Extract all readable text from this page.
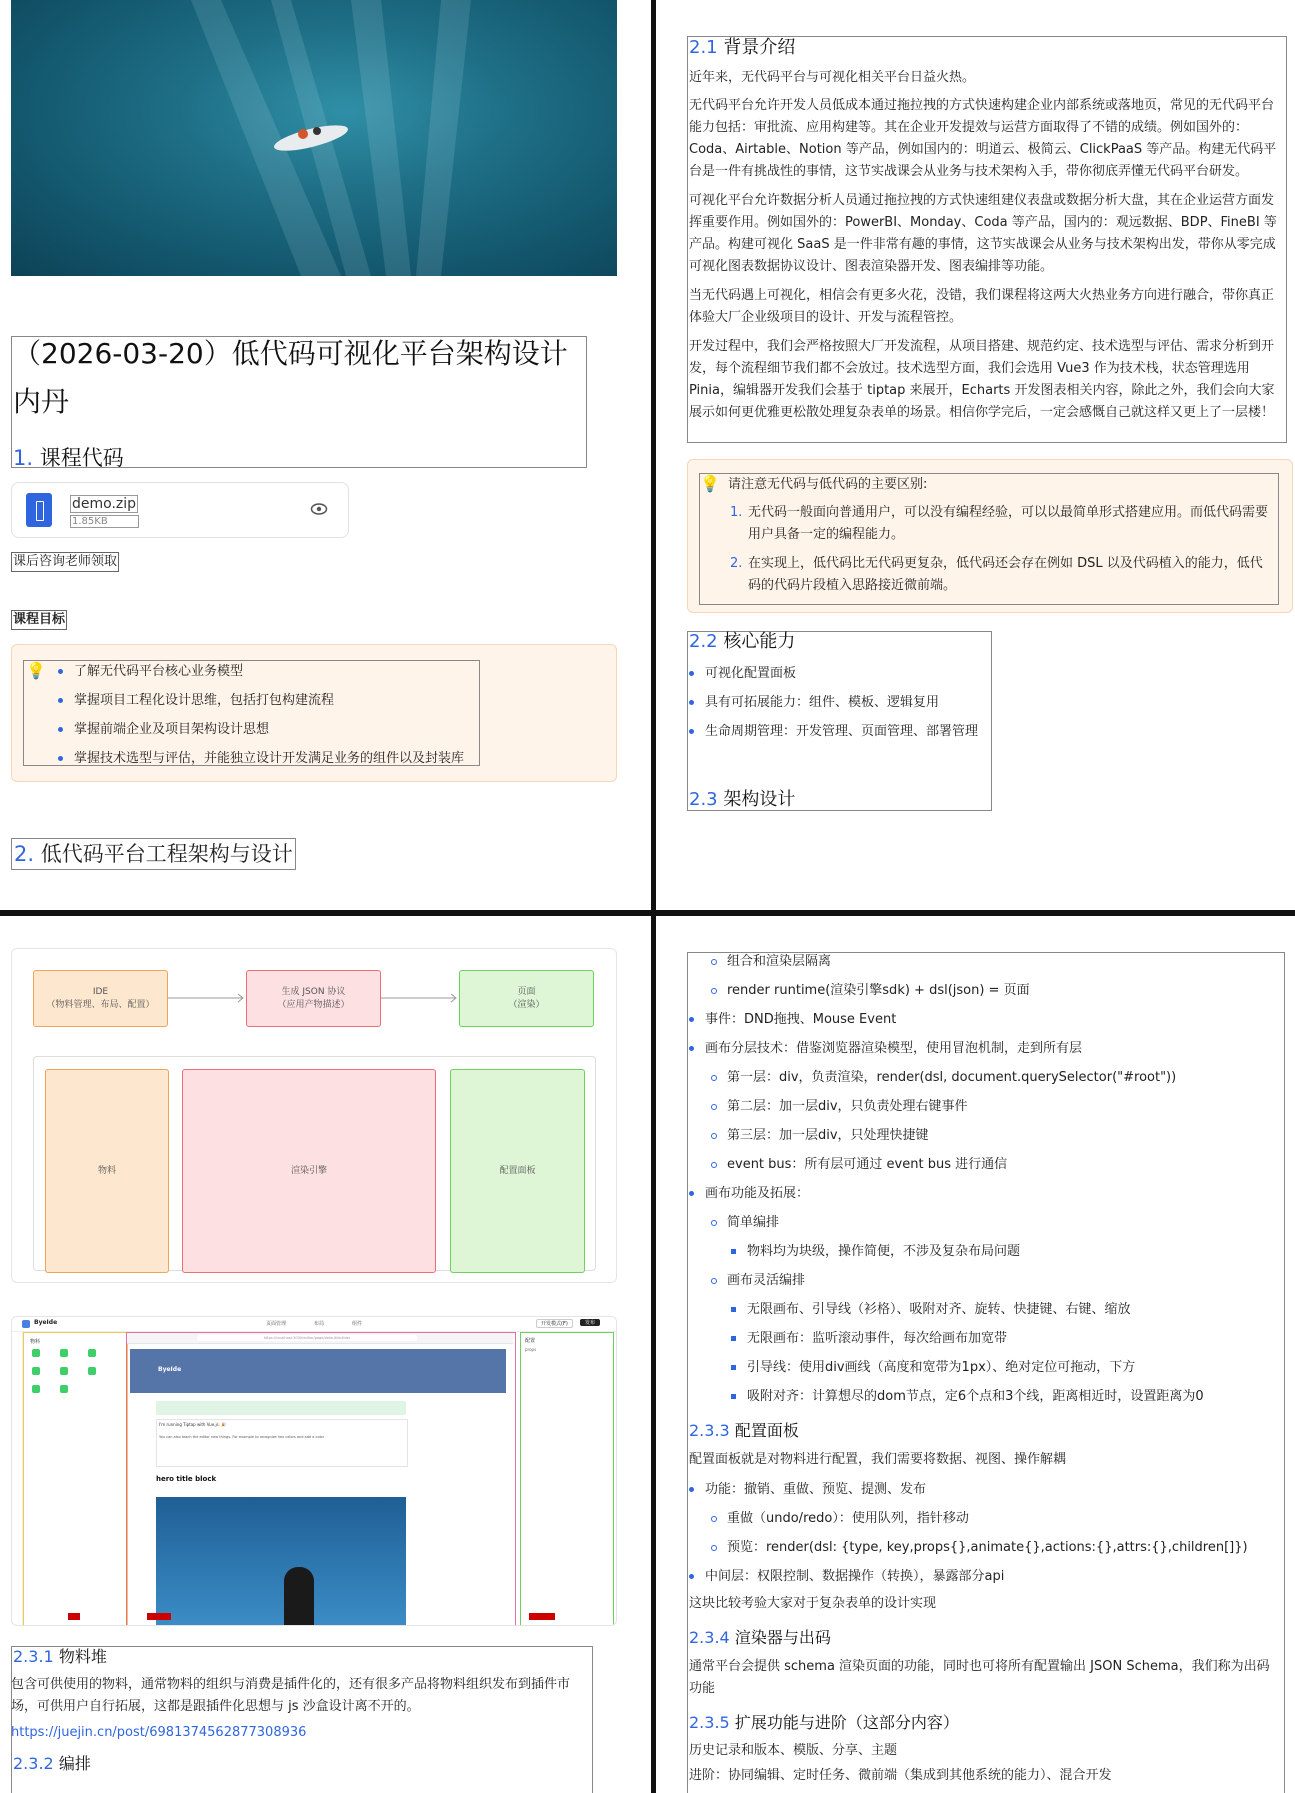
（2026-03-20）低代码可视化平台架构设计内丹
1. 课程代码
demo.zip
1.85KB
课后咨询老师领取
课程目标
💡	了解无代码平台核心业务模型
掌握项目工程化设计思维，包括打包构建流程
掌握前端企业及项目架构设计思想
掌握技术选型与评估，并能独立设计开发满足业务的组件以及封装库
2. 低代码平台工程架构与设计
2.1 背景介绍
近年来，无代码平台与可视化相关平台日益火热。
无代码平台允许开发人员低成本通过拖拉拽的方式快速构建企业内部系统或落地页，常见的无代码平台能力包括：审批流、应用构建等。其在企业开发提效与运营方面取得了不错的成绩。例如国外的：Coda、Airtable、Notion 等产品，例如国内的：明道云、极简云、ClickPaaS 等产品。构建无代码平台是一件有挑战性的事情，这节实战课会从业务与技术架构入手，带你彻底弄懂无代码平台研发。
可视化平台允许数据分析人员通过拖拉拽的方式快速组建仪表盘或数据分析大盘，其在企业运营方面发挥重要作用。例如国外的：PowerBI、Monday、Coda 等产品，国内的：观远数据、BDP、FineBI 等产品。构建可视化 SaaS 是一件非常有趣的事情，这节实战课会从业务与技术架构出发，带你从零完成可视化图表数据协议设计、图表渲染器开发、图表编排等功能。
当无代码遇上可视化，相信会有更多火花，没错，我们课程将这两大火热业务方向进行融合，带你真正体验大厂企业级项目的设计、开发与流程管控。
开发过程中，我们会严格按照大厂开发流程，从项目搭建、规范约定、技术选型与评估、需求分析到开发，每个流程细节我们都不会放过。技术选型方面，我们会选用 Vue3 作为技术栈，状态管理选用 Pinia，编辑器开发我们会基于 tiptap 来展开，Echarts 开发图表相关内容，除此之外，我们会向大家展示如何更优雅更松散处理复杂表单的场景。相信你学完后，一定会感慨自己就这样又更上了一层楼！
💡 请注意无代码与低代码的主要区别:
1. 无代码一般面向普通用户，可以没有编程经验，可以以最简单形式搭建应用。而低代码需要用户具备一定的编程能力。
2. 在实现上，低代码比无代码更复杂，低代码还会存在例如 DSL 以及代码植入的能力，低代码的代码片段植入思路接近微前端。
2.2 核心能力
可视化配置面板
具有可拓展能力：组件、模板、逻辑复用
生命周期管理：开发管理、页面管理、部署管理
2.3 架构设计
IDE
（物料管理、布局、配置）
生成 JSON 协议
（应用产物描述）
页面
（渲染）
物料	渲染引擎	配置面板
ByeIde	页面管理	布局	组件	开发模式(F)	发布
物料
https://localhost:3000/editor/page/default/builder
ByeIde
I'm running Tiptap with Vue.js. 🎉
You can also teach the editor new things. For example to recognize hex colors and add a color
hero title block
配置
props
2.3.1 物料堆
包含可供使用的物料，通常物料的组织与消费是插件化的，还有很多产品将物料组织发布到插件市场，可供用户自行拓展，这都是跟插件化思想与 js 沙盒设计离不开的。
https://juejin.cn/post/6981374562877308936
2.3.2 编排
组合和渲染层隔离
render runtime(渲染引擎sdk) + dsl(json) = 页面
事件：DND拖拽、Mouse Event
画布分层技术：借鉴浏览器渲染模型，使用冒泡机制，走到所有层
第一层：div，负责渲染，render(dsl, document.querySelector("#root"))
第二层：加一层div，只负责处理右键事件
第三层：加一层div，只处理快捷键
event bus：所有层可通过 event bus 进行通信
画布功能及拓展：
简单编排
物料均为块级，操作简便，不涉及复杂布局问题
画布灵活编排
无限画布、引导线（衫格）、吸附对齐、旋转、快捷键、右键、缩放
无限画布：监听滚动事件，每次给画布加宽带
引导线：使用div画线（高度和宽带为1px）、绝对定位可拖动，下方
吸附对齐：计算想尽的dom节点，定6个点和3个线，距离相近时，设置距离为0
2.3.3 配置面板
配置面板就是对物料进行配置，我们需要将数据、视图、操作解耦
功能：撤销、重做、预览、提测、发布
重做（undo/redo）：使用队列，指针移动
预览：render(dsl: {type, key,props{},animate{},actions:{},attrs:{},children[]})
中间层：权限控制、数据操作（转换），暴露部分api
这块比较考验大家对于复杂表单的设计实现
2.3.4 渲染器与出码
通常平台会提供 schema 渲染页面的功能，同时也可将所有配置输出 JSON Schema，我们称为出码功能
2.3.5 扩展功能与进阶（这部分内容）
历史记录和版本、模版、分享、主题
进阶：协同编辑、定时任务、微前端（集成到其他系统的能力）、混合开发
